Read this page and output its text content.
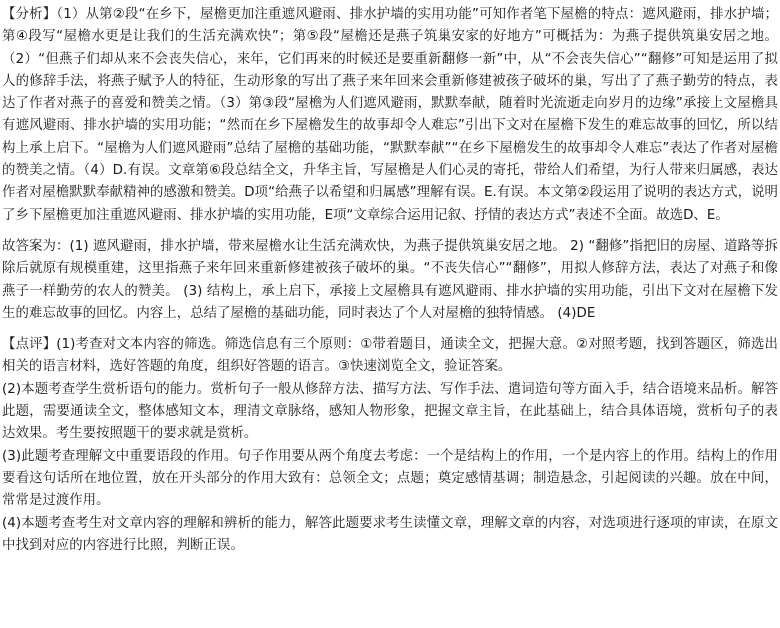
【分析】（1）从第②段“在乡下，屋檐更加注重遮风避雨、排水护墙的实用功能”可知作者笔下屋檐的特点：遮风避雨，排水护墙；第④段写“屋檐水更是让我们的生活充满欢快”；第⑤段“屋檐还是燕子筑巢安家的好地方”可概括为：为燕子提供筑巢安居之地。（2）“但燕子们却从来不会丧失信心，来年，它们再来的时候还是要重新翻修一新”中，从“不会丧失信心”“翻修”可知是运用了拟人的修辞手法，将燕子赋予人的特征，生动形象的写出了燕子来年回来会重新修建被孩子破坏的巢，写出了了燕子勤劳的特点，表达了作者对燕子的喜爱和赞美之情。（3）第③段“屋檐为人们遮风避雨，默默奉献，随着时光流逝走向岁月的边缘”承接上文屋檐具有遮风避雨、排水护墙的实用功能；“然而在乡下屋檐发生的故事却令人难忘”引出下文对在屋檐下发生的难忘故事的回忆，所以结构上承上启下。“屋檐为人们遮风避雨”总结了屋檐的基础功能，“默默奉献”“在乡下屋檐发生的故事却令人难忘”表达了作者对屋檐的赞美之情。（4）D.有误。文章第⑥段总结全文，升华主旨，写屋檐是人们心灵的寄托，带给人们希望，为行人带来归属感，表达作者对屋檐默默奉献精神的感激和赞美。D项“给燕子以希望和归属感”理解有误。E.有误。本文第②段运用了说明的表达方式，说明了乡下屋檐更加注重遮风避雨、排水护墙的实用功能，E项“文章综合运用记叙、抒情的表达方式”表述不全面。故选D、E。

故答案为：(1) 遮风避雨，排水护墙，带来屋檐水让生活充满欢快，为燕子提供筑巢安居之地。 2) “翻修”指把旧的房屋、道路等拆除后就原有规模重建，这里指燕子来年回来重新修建被孩子破坏的巢。“不丧失信心”“翻修”，用拟人修辞方法，表达了对燕子和像燕子一样勤劳的农人的赞美。 (3) 结构上，承上启下，承接上文屋檐具有遮风避雨、排水护墙的实用功能，引出下文对在屋檐下发生的难忘故事的回忆。内容上，总结了屋檐的基础功能，同时表达了个人对屋檐的独特情感。 (4)DE

【点评】(1)考查对文本内容的筛选。筛选信息有三个原则：①带着题目，通读全文，把握大意。②对照考题，找到答题区，筛选出相关的语言材料，选好答题的角度，组织好答题的语言。③快速浏览全文，验证答案。
(2)本题考查学生赏析语句的能力。赏析句子一般从修辞方法、描写方法、写作手法、遣词造句等方面入手，结合语境来品析。解答此题，需要通读全文，整体感知文本，理清文章脉络，感知人物形象，把握文章主旨，在此基础上，结合具体语境，赏析句子的表达效果。考生要按照题干的要求就是赏析。
(3)此题考查理解文中重要语段的作用。句子作用要从两个角度去考虑：一个是结构上的作用，一个是内容上的作用。结构上的作用要看这句话所在地位置，放在开头部分的作用大致有：总领全文；点题；奠定感情基调；制造悬念，引起阅读的兴趣。放在中间，常常是过渡作用。
(4)本题考查考生对文章内容的理解和辨析的能力，解答此题要求考生读懂文章，理解文章的内容，对选项进行逐项的审读，在原文中找到对应的内容进行比照，判断正误。
